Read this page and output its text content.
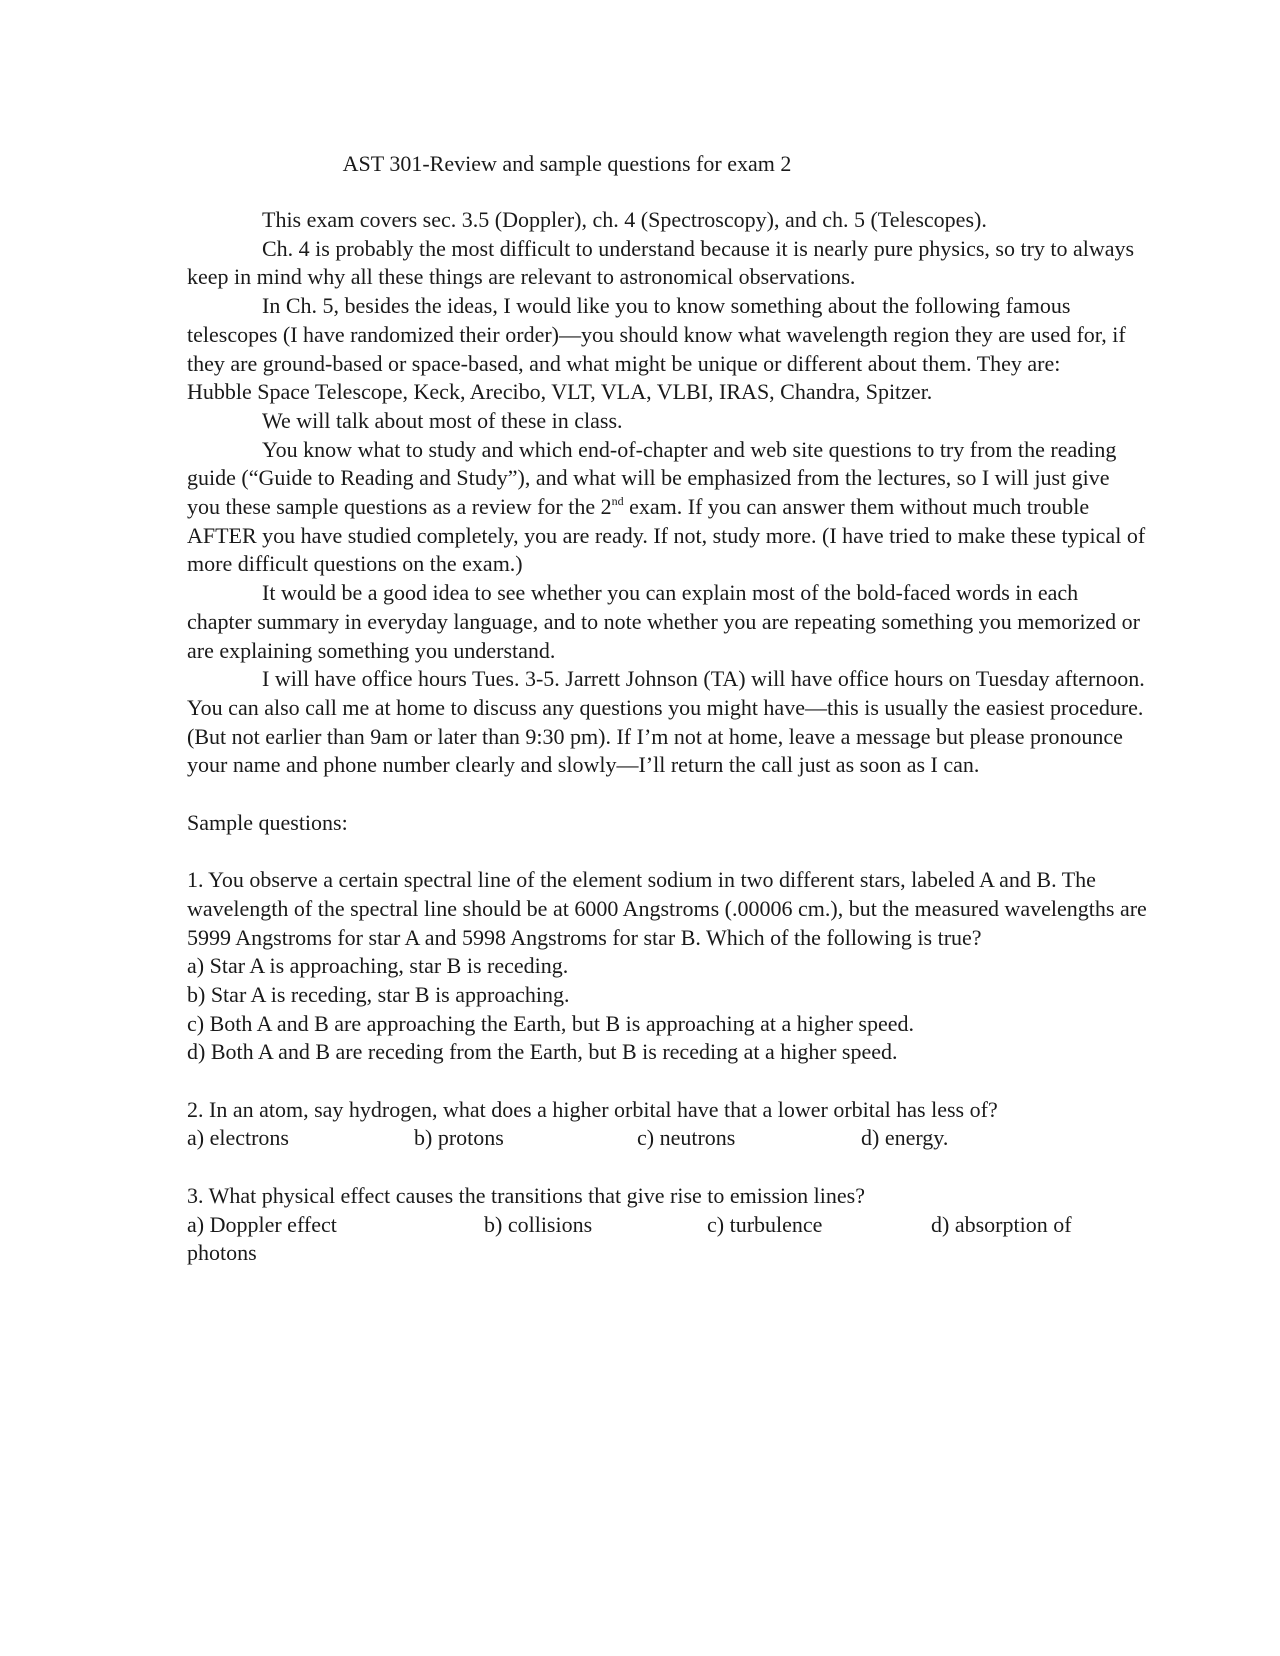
AST 301-Review and sample questions for exam 2

This exam covers sec. 3.5 (Doppler), ch. 4 (Spectroscopy), and ch. 5 (Telescopes).

Ch. 4 is probably the most difficult to understand because it is nearly pure physics, so try to always keep in mind why all these things are relevant to astronomical observations.

In Ch. 5, besides the ideas, I would like you to know something about the following famous telescopes (I have randomized their order)—you should know what wavelength region they are used for, if they are ground-based or space-based, and what might be unique or different about them. They are:

Hubble Space Telescope, Keck, Arecibo, VLT, VLA, VLBI, IRAS, Chandra, Spitzer.

We will talk about most of these in class.

You know what to study and which end-of-chapter and web site questions to try from the reading guide (“Guide to Reading and Study”), and what will be emphasized from the lectures, so I will just give you these sample questions as a review for the 2nd exam. If you can answer them without much trouble AFTER you have studied completely, you are ready. If not, study more. (I have tried to make these typical of more difficult questions on the exam.)

It would be a good idea to see whether you can explain most of the bold-faced words in each chapter summary in everyday language, and to note whether you are repeating something you memorized or are explaining something you understand.

I will have office hours Tues. 3-5. Jarrett Johnson (TA) will have office hours on Tuesday afternoon. You can also call me at home to discuss any questions you might have—this is usually the easiest procedure. (But not earlier than 9am or later than 9:30 pm). If I’m not at home, leave a message but please pronounce your name and phone number clearly and slowly—I’ll return the call just as soon as I can.

Sample questions:

1. You observe a certain spectral line of the element sodium in two different stars, labeled A and B. The wavelength of the spectral line should be at 6000 Angstroms (.00006 cm.), but the measured wavelengths are 5999 Angstroms for star A and 5998 Angstroms for star B. Which of the following is true?

a) Star A is approaching, star B is receding.

b) Star A is receding, star B is approaching.

c) Both A and B are approaching the Earth, but B is approaching at a higher speed.

d) Both A and B are receding from the Earth, but B is receding at a higher speed.

2. In an atom, say hydrogen, what does a higher orbital have that a lower orbital has less of?

a) electrons	b) protons	c) neutrons	d) energy.

3. What physical effect causes the transitions that give rise to emission lines?

a) Doppler effect	b) collisions	c) turbulence	d) absorption of

photons
